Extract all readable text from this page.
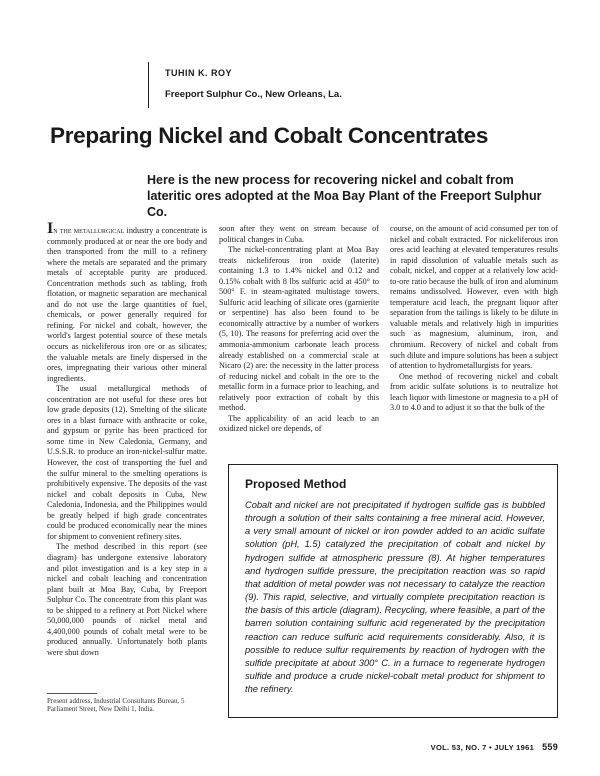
TUHIN K. ROY
Freeport Sulphur Co., New Orleans, La.
Preparing Nickel and Cobalt Concentrates
Here is the new process for recovering nickel and cobalt from lateritic ores adopted at the Moa Bay Plant of the Freeport Sulphur Co.

In the metallurgical industry a concentrate is commonly produced at or near the ore body and then transported from the mill to a refinery where the metals are separated and the primary metals of acceptable purity are produced. Concentration methods such as tabling, froth flotation, or magnetic separation are mechanical and do not use the large quantities of fuel, chemicals, or power generally required for refining. For nickel and cobalt, however, the world's largest potential source of these metals occurs as nickeliferous iron ore or as silicates; the valuable metals are finely dispersed in the ores, impregnating their various other mineral ingredients.

The usual metallurgical methods of concentration are not useful for these ores but low grade deposits (12). Smelting of the silicate ores in a blast furnace with anthracite or coke, and gypsum or pyrite has been practiced for some time in New Caledonia, Germany, and U.S.S.R. to produce an iron-nickel-sulfur matte. However, the cost of transporting the fuel and the sulfur mineral to the smelting operations is prohibitively expensive. The deposits of the vast nickel and cobalt deposits in Cuba, New Caledonia, Indonesia, and the Philippines would be greatly helped if high grade concentrates could be produced economically near the mines for shipment to convenient refinery sites.

The method described in this report (see diagram) has undergone extensive laboratory and pilot investigation and is a key step in a nickel and cobalt leaching and concentration plant built at Moa Bay, Cuba, by Freeport Sulphur Co. The concentrate from this plant was to be shipped to a refinery at Port Nickel where 50,000,000 pounds of nickel metal and 4,400,000 pounds of cobalt metal were to be produced annually. Unfortunately both plants were shut down

soon after they went on stream because of political changes in Cuba.

The nickel-concentrating plant at Moa Bay treats nickeliferous iron oxide (laterite) containing 1.3 to 1.4% nickel and 0.12 and 0.15% cobalt with 8 lbs sulfuric acid at 450° to 500° F. in steam-agitated multistage towers. Sulfuric acid leaching of silicate ores (garnierite or serpentine) has also been found to be economically attractive by a number of workers (5, 10). The reasons for preferring acid over the ammonia-ammonium carbonate leach process already established on a commercial scale at Nicaro (2) are: the necessity in the latter process of reducing nickel and cobalt in the ore to the metallic form in a furnace prior to leaching, and relatively poor extraction of cobalt by this method.

The applicability of an acid leach to an oxidized nickel ore depends, of

course, on the amount of acid consumed per ton of nickel and cobalt extracted. For nickeliferous iron ores acid leaching at elevated temperatures results in rapid dissolution of valuable metals such as cobalt, nickel, and copper at a relatively low acid-to-ore ratio because the bulk of iron and aluminum remains undissolved. However, even with high temperature acid leach, the pregnant liquor after separation from the tailings is likely to be dilute in valuable metals and relatively high in impurities such as magnesium, aluminum, iron, and chromium. Recovery of nickel and cobalt from such dilute and impure solutions has been a subject of attention to hydrometallurgists for years.

One method of recovering nickel and cobalt from acidic sulfate solutions is to neutralize hot leach liquor with limestone or magnesia to a pH of 3.0 to 4.0 and to adjust it so that the bulk of the

Present address, Industrial Consultants Bureau, 5 Parliament Street, New Delhi 1, India.
Proposed Method
Cobalt and nickel are not precipitated if hydrogen sulfide gas is bubbled through a solution of their salts containing a free mineral acid. However, a very small amount of nickel or iron powder added to an acidic sulfate solution (pH, 1.5) catalyzed the precipitation of cobalt and nickel by hydrogen sulfide at atmospheric pressure (8). At higher temperatures and hydrogen sulfide pressure, the precipitation reaction was so rapid that addition of metal powder was not necessary to catalyze the reaction (9). This rapid, selective, and virtually complete precipitation reaction is the basis of this article (diagram). Recycling, where feasible, a part of the barren solution containing sulfuric acid regenerated by the precipitation reaction can reduce sulfuric acid requirements considerably. Also, it is possible to reduce sulfur requirements by reaction of hydrogen with the sulfide precipitate at about 300° C. in a furnace to regenerate hydrogen sulfide and produce a crude nickel-cobalt metal product for shipment to the refinery.
VOL. 53, NO. 7 • JULY 1961 559
